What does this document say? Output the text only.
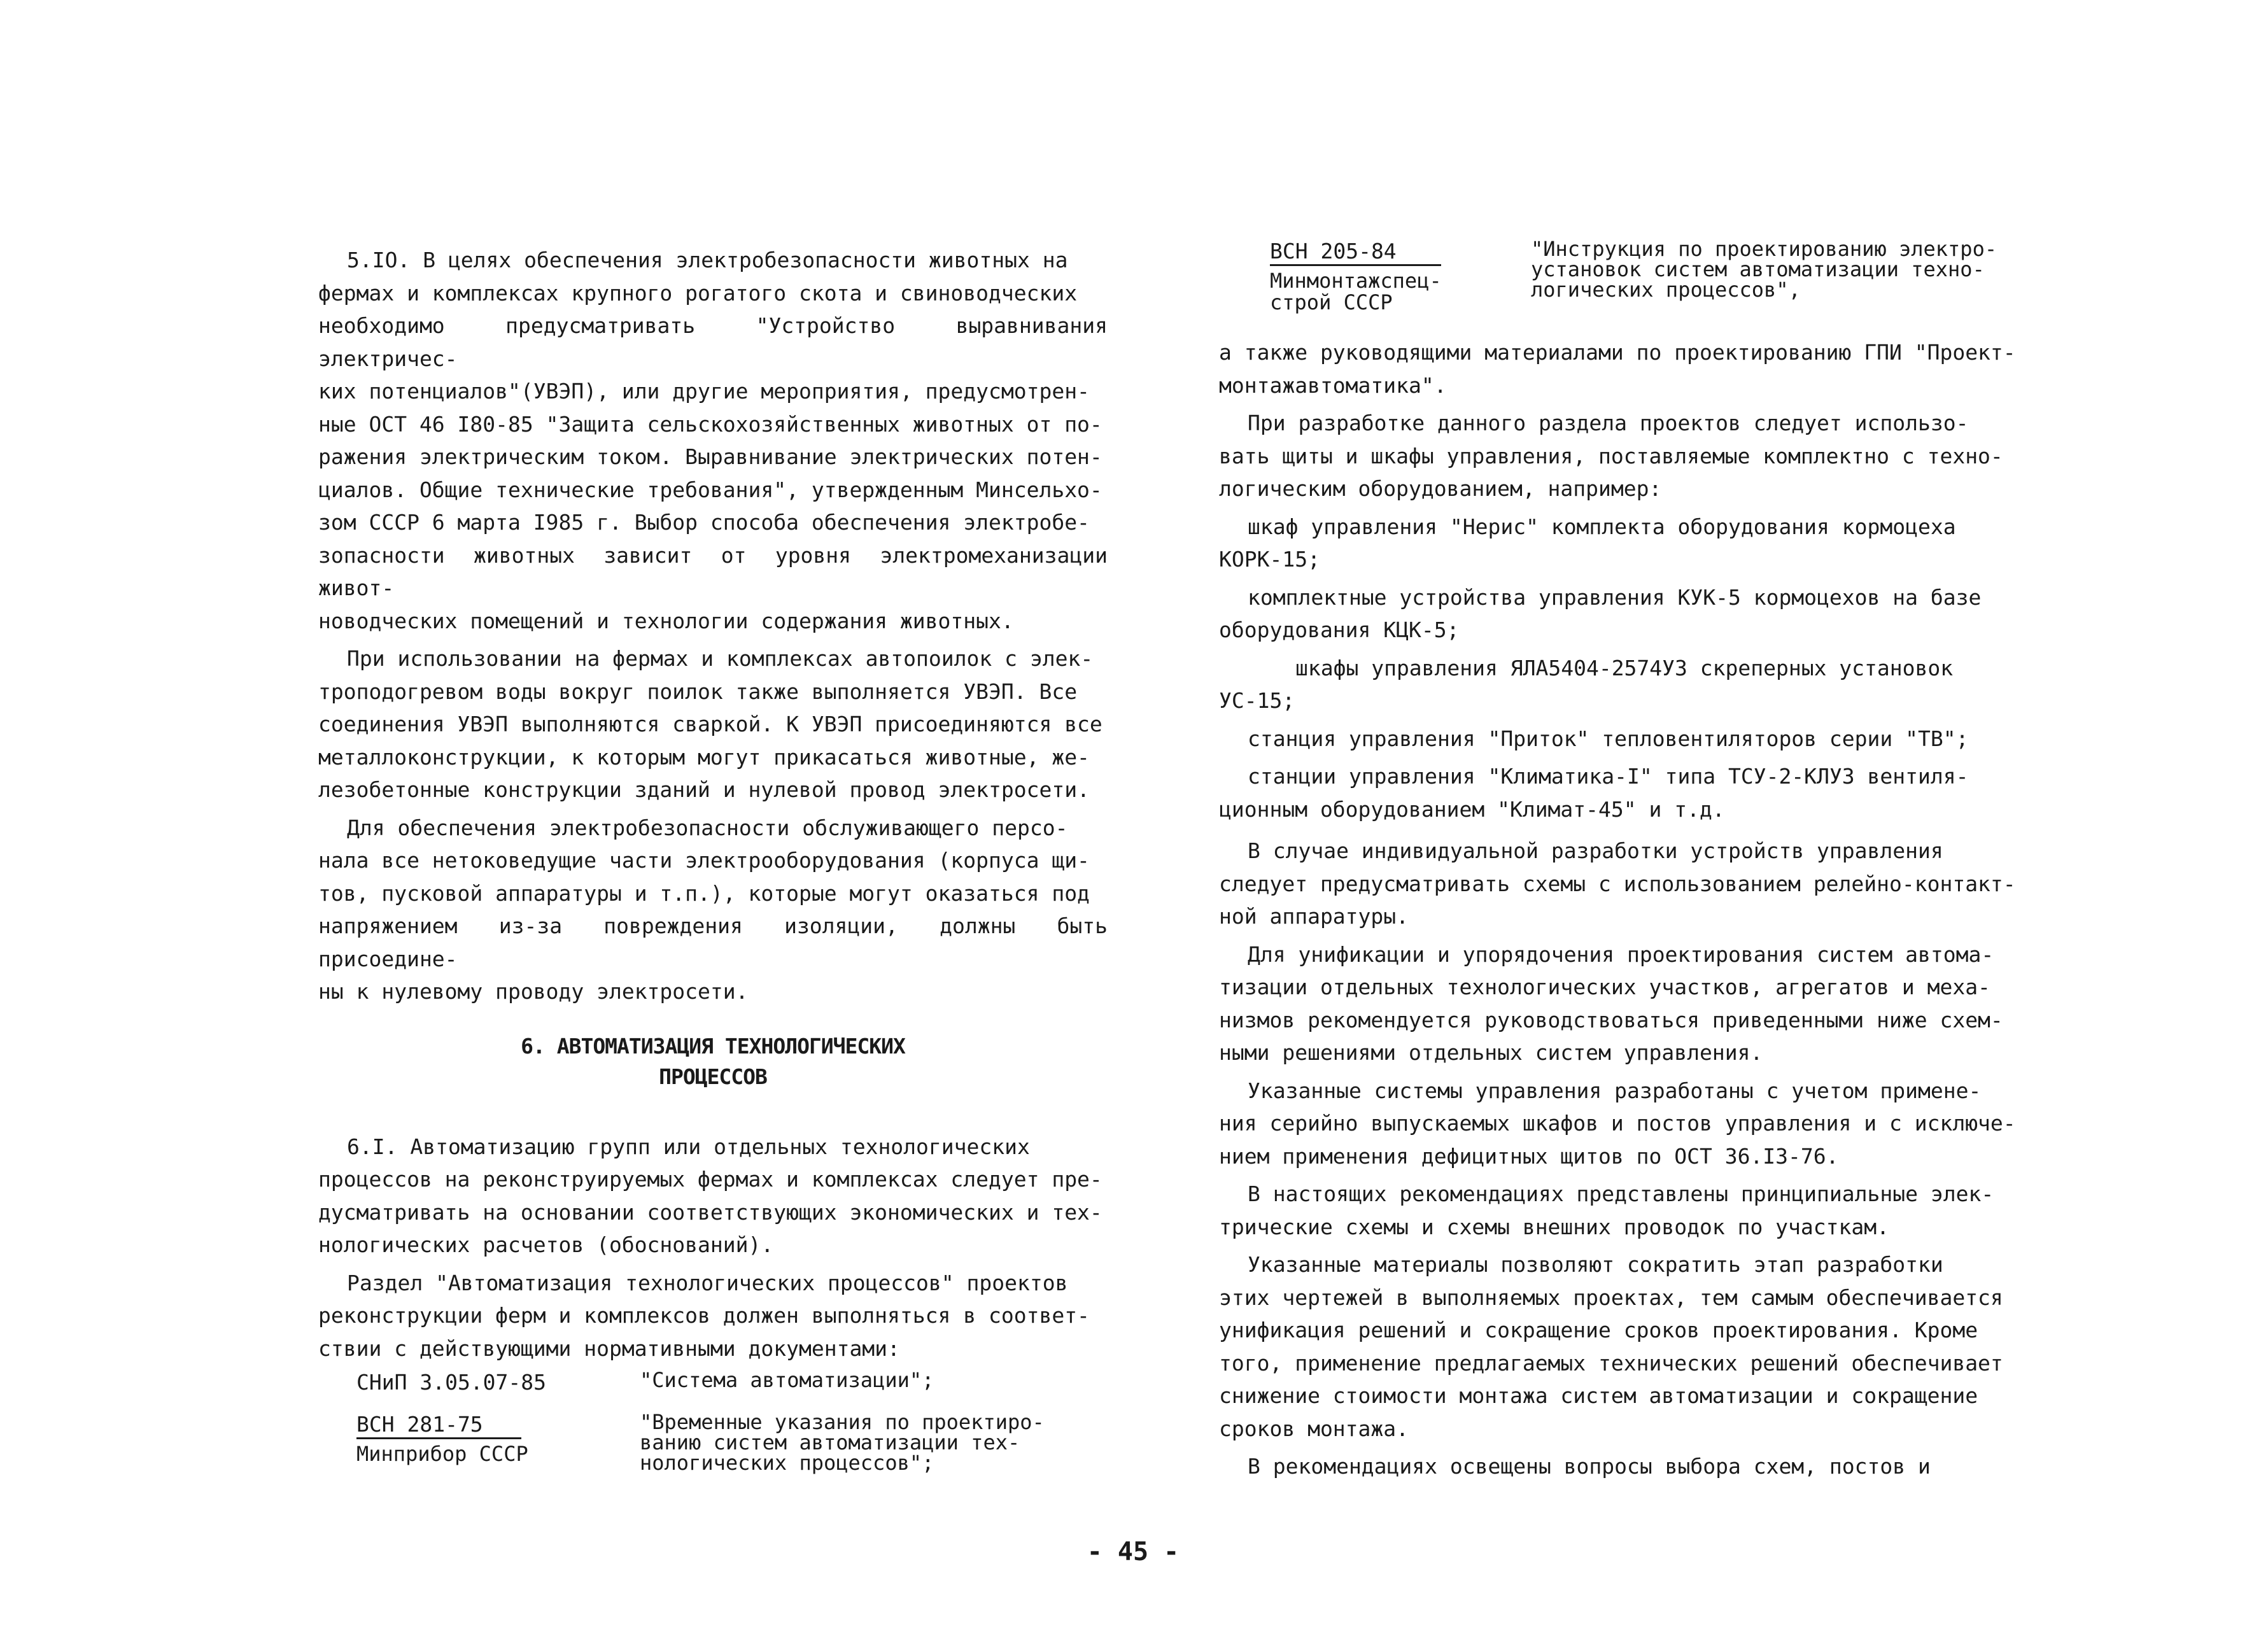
5.IO. В целях обеспечения электробезопасности животных на
фермах и комплексах крупного рогатого скота и свиноводческих
необходимо предусматривать "Устройство выравнивания электричес-
ких потенциалов"(УВЭП), или другие мероприятия, предусмотрен-
ные ОСТ 46 I80-85 "Защита сельскохозяйственных животных от по-
ражения электрическим током. Выравнивание электрических потен-
циалов. Общие технические требования", утвержденным Минсельхо-
зом СССР 6 марта I985 г. Выбор способа обеспечения электробе-
зопасности животных зависит от уровня электромеханизации живот-
новодческих помещений и технологии содержания животных.

При использовании на фермах и комплексах автопоилок с элек-
троподогревом воды вокруг поилок также выполняется УВЭП. Все
соединения УВЭП выполняются сваркой. К УВЭП присоединяются все
металлоконструкции, к которым могут прикасаться животные, же-
лезобетонные конструкции зданий и нулевой провод электросети.

Для обеспечения электробезопасности обслуживающего персо-
нала все нетоковедущие части электрооборудования (корпуса щи-
тов, пусковой аппаратуры и т.п.), которые могут оказаться под
напряжением из-за повреждения изоляции, должны быть присоедине-
ны к нулевому проводу электросети.

6. АВТОМАТИЗАЦИЯ ТЕХНОЛОГИЧЕСКИХ
ПРОЦЕССОВ

6.I. Автоматизацию групп или отдельных технологических
процессов на реконструируемых фермах и комплексах следует пре-
дусматривать на основании соответствующих экономических и тех-
нологических расчетов (обоснований).

Раздел "Автоматизация технологических процессов" проектов
реконструкции ферм и комплексов должен выполняться в соответ-
ствии с действующими нормативными документами:

СНиП 3.05.07-85	"Система автоматизации";
ВСН 281-75
Минприбор СССР
"Временные указания по проектиро-
ванию систем автоматизации тех-
нологических процессов";
ВСН 205-84
Минмонтажспец-
строй СССР
"Инструкция по проектированию электро-
установок систем автоматизации техно-
логических процессов",

а также руководящими материалами по проектированию ГПИ "Проект-
монтажавтоматика".

При разработке данного раздела проектов следует использо-
вать щиты и шкафы управления, поставляемые комплектно с техно-
логическим оборудованием, например:

шкаф управления "Нерис" комплекта оборудования кормоцеха
КОРК-15;

комплектные устройства управления КУК-5 кормоцехов на базе
оборудования КЦК-5;

шкафы управления ЯЛА5404-2574УЗ скреперных установок
УС-15;

станция управления "Приток" тепловентиляторов серии "ТВ";

станции управления "Климатика-I" типа ТСУ-2-КЛУЗ вентиля-
ционным оборудованием "Климат-45" и т.д.

В случае индивидуальной разработки устройств управления
следует предусматривать схемы с использованием релейно-контакт-
ной аппаратуры.

Для унификации и упорядочения проектирования систем автома-
тизации отдельных технологических участков, агрегатов и меха-
низмов рекомендуется руководствоваться приведенными ниже схем-
ными решениями отдельных систем управления.

Указанные системы управления разработаны с учетом примене-
ния серийно выпускаемых шкафов и постов управления и с исключе-
нием применения дефицитных щитов по ОСТ 36.I3-76.

В настоящих рекомендациях представлены принципиальные элек-
трические схемы и схемы внешних проводок по участкам.

Указанные материалы позволяют сократить этап разработки
этих чертежей в выполняемых проектах, тем самым обеспечивается
унификация решений и сокращение сроков проектирования. Кроме
того, применение предлагаемых технических решений обеспечивает
снижение стоимости монтажа систем автоматизации и сокращение
сроков монтажа.

В рекомендациях освещены вопросы выбора схем, постов и

- 45 -
